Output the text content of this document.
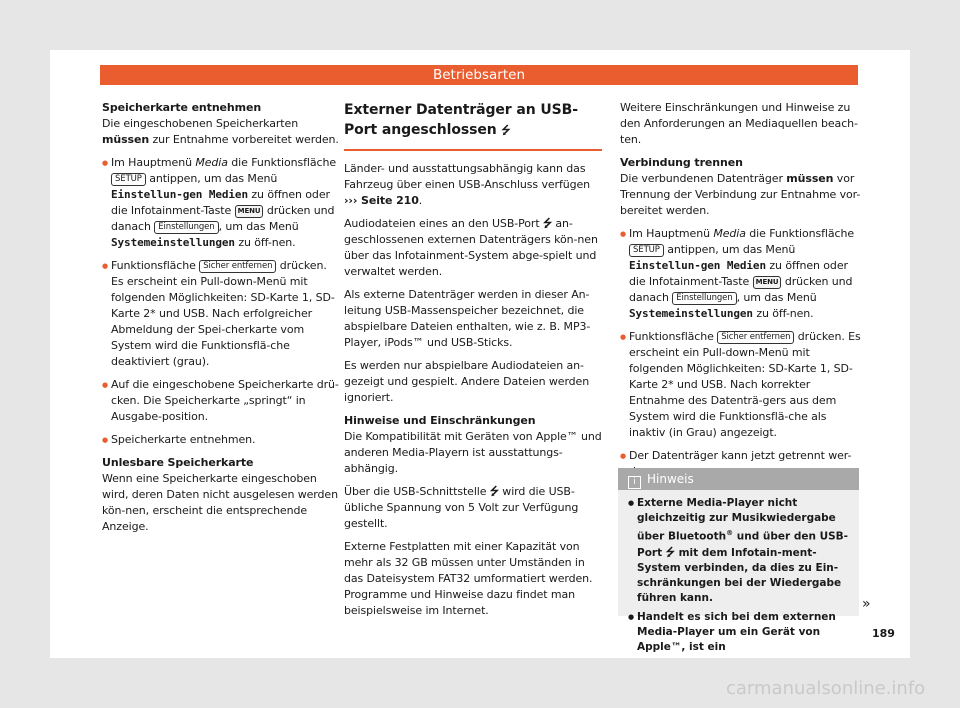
Betriebsarten

Speicherkarte entnehmen

Die eingeschobenen Speicherkarten müssen zur Entnahme vorbereitet werden.

● Im Hauptmenü Media die Funktionsfläche SETUP antippen, um das Menü Einstellun-gen Medien zu öffnen oder die Infotainment-Taste MENU drücken und danach Einstellungen , um das Menü Systemeinstellungen zu öff-nen.

● Funktionsfläche Sicher entfernen drücken. Es erscheint ein Pull-down-Menü mit folgenden Möglichkeiten: SD-Karte 1, SD-Karte 2* und USB. Nach erfolgreicher Abmeldung der Spei-cherkarte vom System wird die Funktionsflä-che deaktiviert (grau).

● Auf die eingeschobene Speicherkarte drü-cken. Die Speicherkarte „springt“ in Ausgabe-position.

● Speicherkarte entnehmen.

Unlesbare Speicherkarte

Wenn eine Speicherkarte eingeschoben wird, deren Daten nicht ausgelesen werden kön-nen, erscheint die entsprechende Anzeige.

Externer Datenträger an USB-Port angeschlossen ⭍

Länder- und ausstattungsabhängig kann das Fahrzeug über einen USB-Anschluss verfügen ››› Seite 210.

Audiodateien eines an den USB-Port ⭍ an-geschlossenen externen Datenträgers kön-nen über das Infotainment-System abge-spielt und verwaltet werden.

Als externe Datenträger werden in dieser An-leitung USB-Massenspeicher bezeichnet, die abspielbare Dateien enthalten, wie z. B. MP3-Player, iPods™ und USB-Sticks.

Es werden nur abspielbare Audiodateien an-gezeigt und gespielt. Andere Dateien werden ignoriert.

Hinweise und Einschränkungen

Die Kompatibilität mit Geräten von Apple™ und anderen Media-Playern ist ausstattungs-abhängig.

Über die USB-Schnittstelle ⭍ wird die USB-übliche Spannung von 5 Volt zur Verfügung gestellt.

Externe Festplatten mit einer Kapazität von mehr als 32 GB müssen unter Umständen in das Dateisystem FAT32 umformatiert werden. Programme und Hinweise dazu findet man beispielsweise im Internet.

Weitere Einschränkungen und Hinweise zu den Anforderungen an Mediaquellen beach-ten.

Verbindung trennen

Die verbundenen Datenträger müssen vor Trennung der Verbindung zur Entnahme vor-bereitet werden.

● Im Hauptmenü Media die Funktionsfläche SETUP antippen, um das Menü Einstellun-gen Medien zu öffnen oder die Infotainment-Taste MENU drücken und danach Einstellungen , um das Menü Systemeinstellungen zu öff-nen.

● Funktionsfläche Sicher entfernen drücken. Es erscheint ein Pull-down-Menü mit folgenden Möglichkeiten: SD-Karte 1, SD-Karte 2* und USB. Nach korrekter Entnahme des Datenträ-gers aus dem System wird die Funktionsflä-che als inaktiv (in Grau) angezeigt.

● Der Datenträger kann jetzt getrennt wer-

i Hinweis
● Externe Media-Player nicht gleichzeitig zur Musikwiedergabe über Bluetooth® und über den USB-Port ⭍ mit dem Infotain-ment-System verbinden, da dies zu Ein-schränkungen bei der Wiedergabe führen kann.
● Handelt es sich bei dem externen Media-Player um ein Gerät von Apple™, ist ein
»
189
carmanualsonline.info
